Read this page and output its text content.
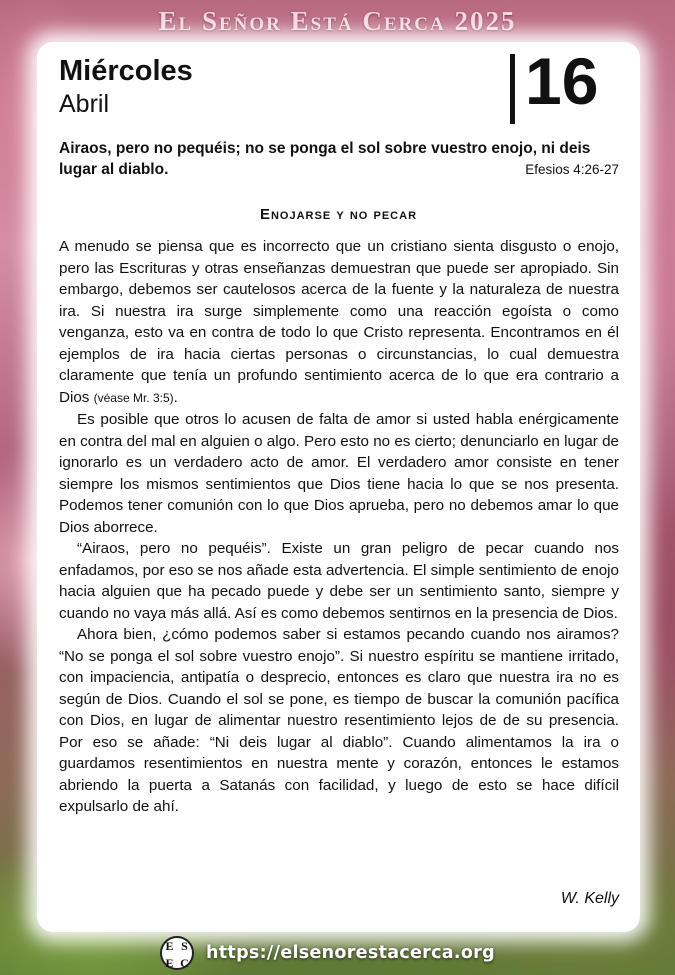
El Señor Está Cerca 2025
Miércoles
Abril	16
Airaos, pero no pequéis; no se ponga el sol sobre vuestro enojo, ni deis lugar al diablo.	Efesios 4:26-27
Enojarse y no pecar

A menudo se piensa que es incorrecto que un cristiano sienta disgusto o enojo, pero las Escrituras y otras enseñanzas demuestran que puede ser apropiado. Sin embargo, debemos ser cautelosos acerca de la fuente y la naturaleza de nuestra ira. Si nuestra ira surge simplemente como una reacción egoísta o como venganza, esto va en contra de todo lo que Cristo representa. Encontramos en él ejemplos de ira hacia ciertas personas o circunstancias, lo cual demuestra claramente que tenía un profundo sentimiento acerca de lo que era contrario a Dios (véase Mr. 3:5).

Es posible que otros lo acusen de falta de amor si usted habla enérgicamente en contra del mal en alguien o algo. Pero esto no es cierto; denunciarlo en lugar de ignorarlo es un verdadero acto de amor. El verdadero amor consiste en tener siempre los mismos sentimientos que Dios tiene hacia lo que se nos presenta. Podemos tener comunión con lo que Dios aprueba, pero no debemos amar lo que Dios aborrece.

“Airaos, pero no pequéis”. Existe un gran peligro de pecar cuando nos enfadamos, por eso se nos añade esta advertencia. El simple sentimiento de enojo hacia alguien que ha pecado puede y debe ser un sentimiento santo, siempre y cuando no vaya más allá. Así es como debemos sentirnos en la presencia de Dios.

Ahora bien, ¿cómo podemos saber si estamos pecando cuando nos airamos? “No se ponga el sol sobre vuestro enojo”. Si nuestro espíritu se mantiene irritado, con impaciencia, antipatía o desprecio, entonces es claro que nuestra ira no es según de Dios. Cuando el sol se pone, es tiempo de buscar la comunión pacífica con Dios, en lugar de alimentar nuestro resentimiento lejos de de su presencia. Por eso se añade: “Ni deis lugar al diablo”. Cuando alimentamos la ira o guardamos resentimientos en nuestra mente y corazón, entonces le estamos abriendo la puerta a Satanás con facilidad, y luego de esto se hace difícil expulsarlo de ahí.

W. Kelly
E S
E C https://elsenorestacerca.org
